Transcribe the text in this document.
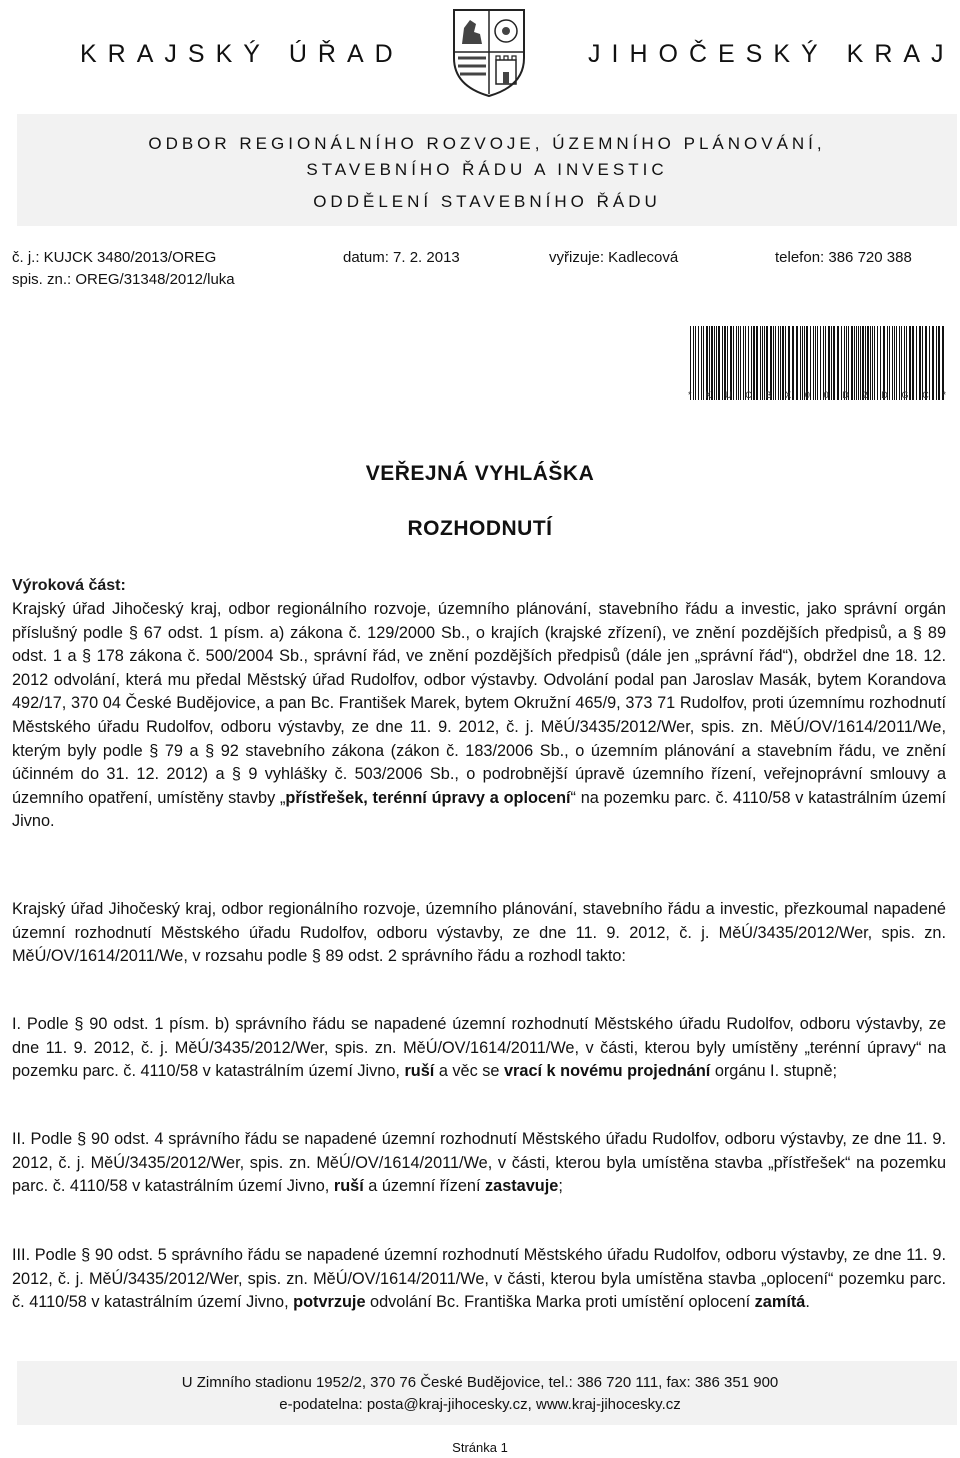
KRAJSKÝ ÚŘAD	JIHOČESKÝ KRAJ
ODBOR REGIONÁLNÍHO ROZVOJE, ÚZEMNÍHO PLÁNOVÁNÍ,
STAVEBNÍHO ŘÁDU A INVESTIC
ODDĚLENÍ STAVEBNÍHO ŘÁDU
č. j.: KUJCK 3480/2013/OREG	datum: 7. 2. 2013	vyřizuje: Kadlecová	telefon: 386 720 388
spis. zn.: OREG/31348/2012/luka
* K U C B X 0 0 D 2 D G C *
VEŘEJNÁ VYHLÁŠKA
ROZHODNUTÍ
Výroková část:
Krajský úřad Jihočeský kraj, odbor regionálního rozvoje, územního plánování, stavebního řádu a investic, jako správní orgán příslušný podle § 67 odst. 1 písm. a) zákona č. 129/2000 Sb., o krajích (krajské zřízení), ve znění pozdějších předpisů, a § 89 odst. 1 a § 178 zákona č. 500/2004 Sb., správní řád, ve znění pozdějších předpisů (dále jen „správní řád“), obdržel dne 18. 12. 2012 odvolání, která mu předal Městský úřad Rudolfov, odbor výstavby. Odvolání podal pan Jaroslav Masák, bytem Korandova 492/17, 370 04 České Budějovice, a pan Bc. František Marek, bytem Okružní 465/9, 373 71 Rudolfov, proti územnímu rozhodnutí Městského úřadu Rudolfov, odboru výstavby, ze dne 11. 9. 2012, č. j. MěÚ/3435/2012/Wer, spis. zn. MěÚ/OV/1614/2011/We, kterým byly podle § 79 a § 92 stavebního zákona (zákon č. 183/2006 Sb., o územním plánování a stavebním řádu, ve znění účinném do 31. 12. 2012) a § 9 vyhlášky č. 503/2006 Sb., o podrobnější úpravě územního řízení, veřejnoprávní smlouvy a územního opatření, umístěny stavby „přístřešek, terénní úpravy a oplocení“ na pozemku parc. č. 4110/58 v katastrálním území Jivno.
Krajský úřad Jihočeský kraj, odbor regionálního rozvoje, územního plánování, stavebního řádu a investic, přezkoumal napadené územní rozhodnutí Městského úřadu Rudolfov, odboru výstavby, ze dne 11. 9. 2012, č. j. MěÚ/3435/2012/Wer, spis. zn. MěÚ/OV/1614/2011/We, v rozsahu podle § 89 odst. 2 správního řádu a rozhodl takto:
I. Podle § 90 odst. 1 písm. b) správního řádu se napadené územní rozhodnutí Městského úřadu Rudolfov, odboru výstavby, ze dne 11. 9. 2012, č. j. MěÚ/3435/2012/Wer, spis. zn. MěÚ/OV/1614/2011/We, v části, kterou byly umístěny „terénní úpravy“ na pozemku parc. č. 4110/58 v katastrálním území Jivno, ruší a věc se vrací k novému projednání orgánu I. stupně;
II. Podle § 90 odst. 4 správního řádu se napadené územní rozhodnutí Městského úřadu Rudolfov, odboru výstavby, ze dne 11. 9. 2012, č. j. MěÚ/3435/2012/Wer, spis. zn. MěÚ/OV/1614/2011/We, v části, kterou byla umístěna stavba „přístřešek“ na pozemku parc. č. 4110/58 v katastrálním území Jivno, ruší a územní řízení zastavuje;
III. Podle § 90 odst. 5 správního řádu se napadené územní rozhodnutí Městského úřadu Rudolfov, odboru výstavby, ze dne 11. 9. 2012, č. j. MěÚ/3435/2012/Wer, spis. zn. MěÚ/OV/1614/2011/We, v části, kterou byla umístěna stavba „oplocení“ pozemku parc. č. 4110/58 v katastrálním území Jivno, potvrzuje odvolání Bc. Františka Marka proti umístění oplocení zamítá.
U Zimního stadionu 1952/2, 370 76 České Budějovice, tel.: 386 720 111, fax: 386 351 900
e-podatelna: posta@kraj-jihocesky.cz, www.kraj-jihocesky.cz
Stránka 1
